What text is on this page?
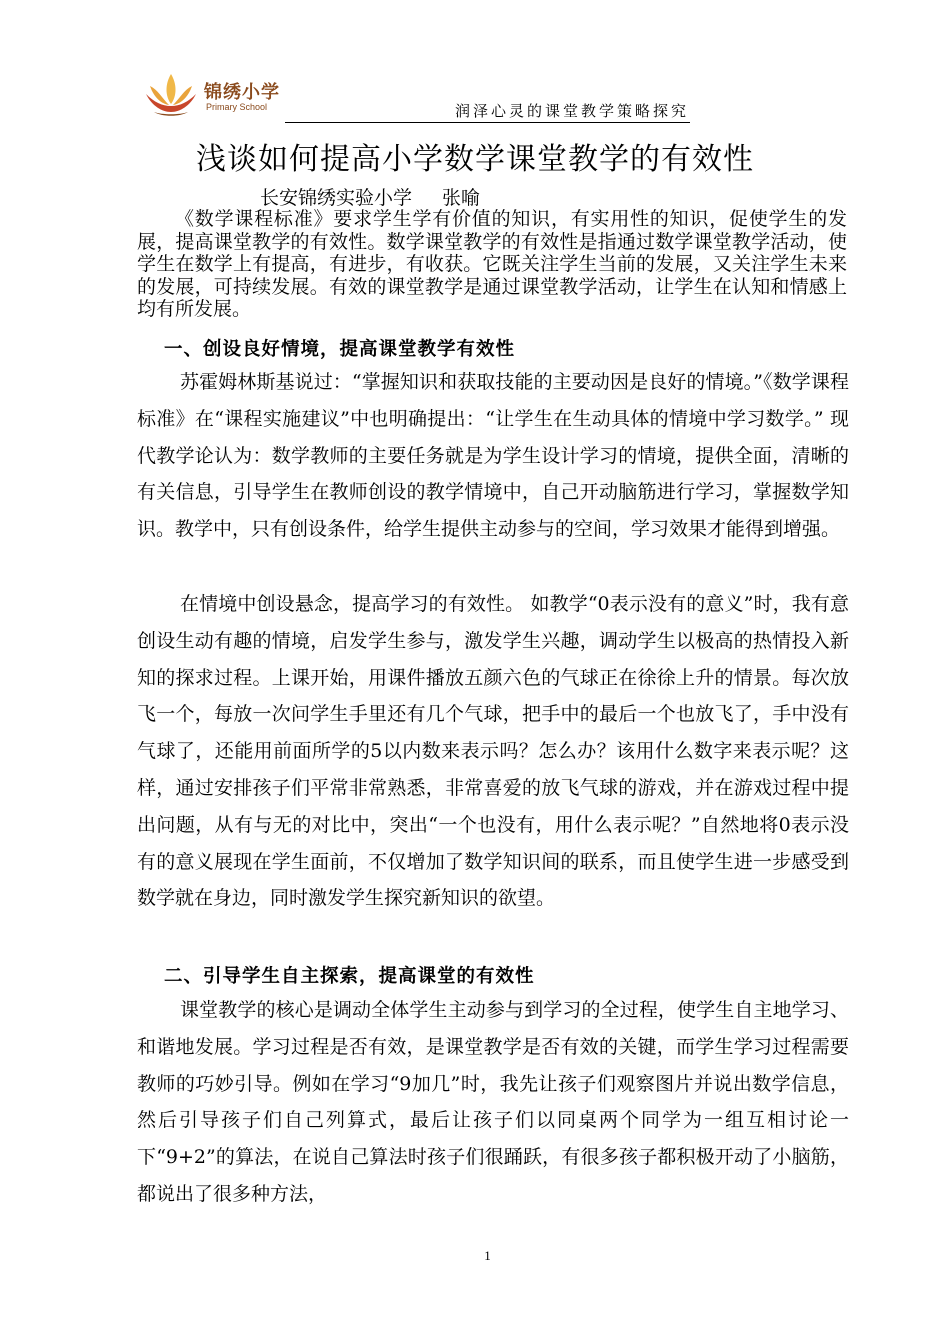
锦绣小学
Primary School	润泽心灵的课堂教学策略探究
浅谈如何提高小学数学课堂教学的有效性
长安锦绣实验小学 张喻

《数学课程标准》要求学生学有价值的知识，有实用性的知识，促使学生的发展，提高课堂教学的有效性。数学课堂教学的有效性是指通过数学课堂教学活动，使学生在数学上有提高，有进步，有收获。它既关注学生当前的发展，又关注学生未来的发展，可持续发展。有效的课堂教学是通过课堂教学活动，让学生在认知和情感上均有所发展。

一、创设良好情境，提高课堂教学有效性

苏霍姆林斯基说过：“掌握知识和获取技能的主要动因是良好的情境。”《数学课程标准》在“课程实施建议”中也明确提出：“让学生在生动具体的情境中学习数学。” 现代教学论认为：数学教师的主要任务就是为学生设计学习的情境，提供全面，清晰的有关信息，引导学生在教师创设的教学情境中，自己开动脑筋进行学习，掌握数学知识。教学中，只有创设条件，给学生提供主动参与的空间，学习效果才能得到增强。

在情境中创设悬念，提高学习的有效性。 如教学“0表示没有的意义”时，我有意创设生动有趣的情境，启发学生参与，激发学生兴趣，调动学生以极高的热情投入新知的探求过程。上课开始，用课件播放五颜六色的气球正在徐徐上升的情景。每次放飞一个，每放一次问学生手里还有几个气球，把手中的最后一个也放飞了，手中没有气球了，还能用前面所学的5以内数来表示吗？怎么办？该用什么数字来表示呢？这样，通过安排孩子们平常非常熟悉，非常喜爱的放飞气球的游戏，并在游戏过程中提出问题，从有与无的对比中，突出“一个也没有，用什么表示呢？”自然地将0表示没有的意义展现在学生面前，不仅增加了数学知识间的联系，而且使学生进一步感受到数学就在身边，同时激发学生探究新知识的欲望。

二、引导学生自主探索，提高课堂的有效性

课堂教学的核心是调动全体学生主动参与到学习的全过程，使学生自主地学习、和谐地发展。学习过程是否有效，是课堂教学是否有效的关键，而学生学习过程需要教师的巧妙引导。例如在学习“9加几”时，我先让孩子们观察图片并说出数学信息，然后引导孩子们自己列算式，最后让孩子们以同桌两个同学为一组互相讨论一下“9+2”的算法，在说自己算法时孩子们很踊跃，有很多孩子都积极开动了小脑筋，都说出了很多种方法，

1
